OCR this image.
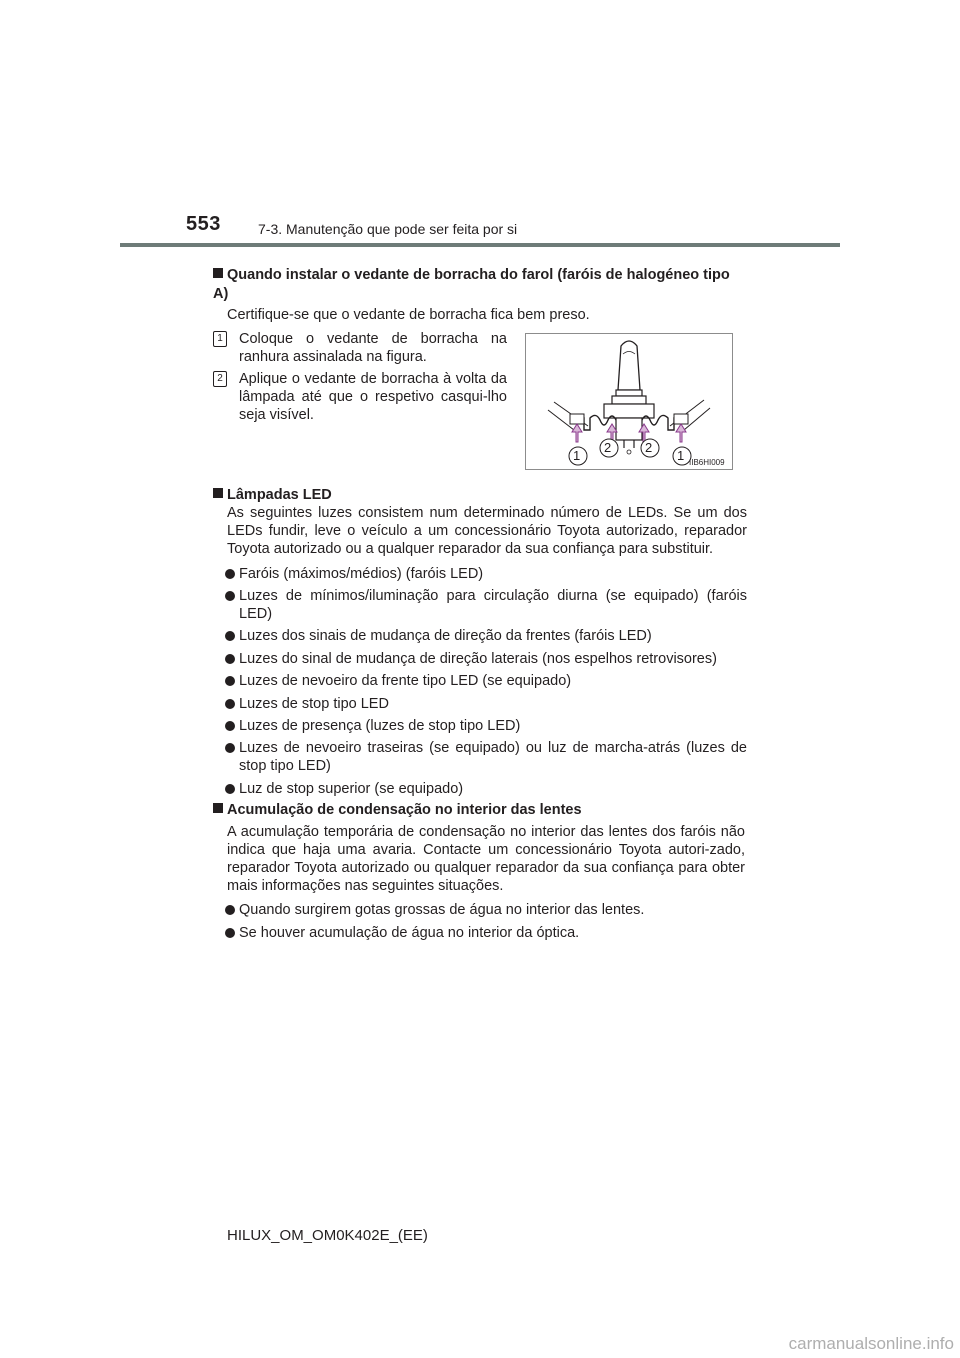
553	7-3. Manutenção que pode ser feita por si
Quando instalar o vedante de borracha do farol (faróis de halogéneo tipo A)
Certifique-se que o vedante de borracha fica bem preso.
1 Coloque o vedante de borracha na ranhura assinalada na figura.
2 Aplique o vedante de borracha à volta da lâmpada até que o respetivo casqui-lho seja visível.
1
2	2
1 IIB6HI009
Lâmpadas LED
As seguintes luzes consistem num determinado número de LEDs. Se um dos LEDs fundir, leve o veículo a um concessionário Toyota autorizado, reparador Toyota autorizado ou a qualquer reparador da sua confiança para substituir.
Faróis (máximos/médios) (faróis LED)
Luzes de mínimos/iluminação para circulação diurna (se equipado) (faróis LED)
Luzes dos sinais de mudança de direção da frentes (faróis LED)
Luzes do sinal de mudança de direção laterais (nos espelhos retrovisores)
Luzes de nevoeiro da frente tipo LED (se equipado)
Luzes de stop tipo LED
Luzes de presença (luzes de stop tipo LED)
Luzes de nevoeiro traseiras (se equipado) ou luz de marcha-atrás (luzes de stop tipo LED)
Luz de stop superior (se equipado)
Acumulação de condensação no interior das lentes
A acumulação temporária de condensação no interior das lentes dos faróis não indica que haja uma avaria. Contacte um concessionário Toyota autori-zado, reparador Toyota autorizado ou qualquer reparador da sua confiança para obter mais informações nas seguintes situações.
Quando surgirem gotas grossas de água no interior das lentes.
Se houver acumulação de água no interior da óptica.
HILUX_OM_OM0K402E_(EE)
carmanualsonline.info
